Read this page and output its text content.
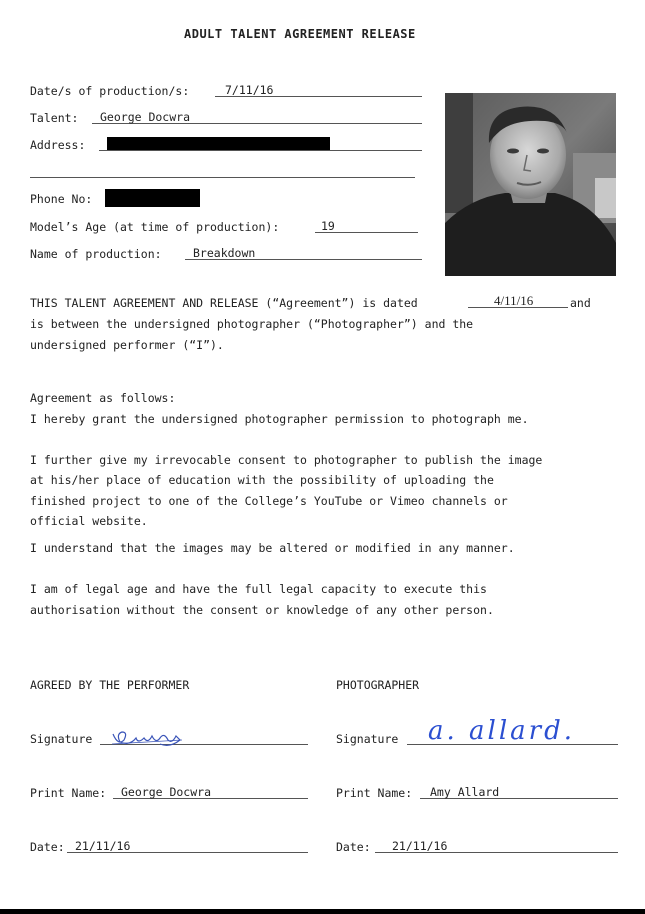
ADULT TALENT AGREEMENT RELEASE
Date/s of production/s:	7/11/16
Talent: George Docwra
Address:
Phone No:
Model’s Age (at time of production):	19
Name of production:	Breakdown
THIS TALENT AGREEMENT AND RELEASE (“Agreement”) is dated	4/11/16	and
is between the undersigned photographer (“Photographer”) and the
undersigned performer (“I”).
Agreement as follows:
I hereby grant the undersigned photographer permission to photograph me.
I further give my irrevocable consent to photographer to publish the image
at his/her place of education with the possibility of uploading the
finished project to one of the College’s YouTube or Vimeo channels or
official website.
I understand that the images may be altered or modified in any manner.
I am of legal age and have the full legal capacity to execute this
authorisation without the consent or knowledge of any other person.
AGREED BY THE PERFORMER
Signature
Print Name: George Docwra
Date: 21/11/16
PHOTOGRAPHER
Signature a. allard.
Print Name: Amy Allard
Date: 21/11/16
